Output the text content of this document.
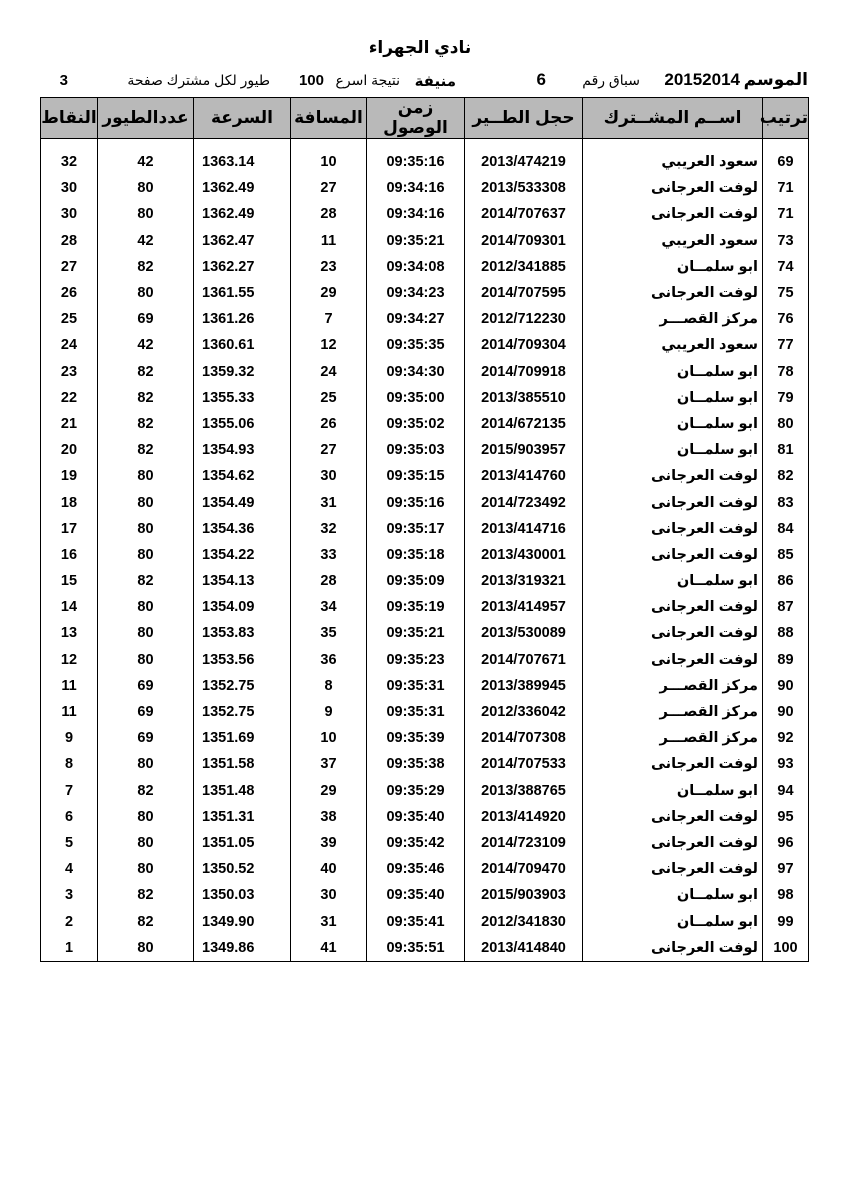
نادي الجهراء
الموسم
20152014
سباق رقم
6
منيفة
نتيجة اسرع
100
طيور لكل مشترك صفحة
3
ترتيب	اســم المشــترك	حجل الطــير	زمن الوصول	المسافة	السرعة	عددالطيور	النقاط

69	سعود العريبي	2013/474219	09:35:16	10	1363.14	42	32
71	لوفت العرجانى	2013/533308	09:34:16	27	1362.49	80	30
71	لوفت العرجانى	2014/707637	09:34:16	28	1362.49	80	30
73	سعود العريبي	2014/709301	09:35:21	11	1362.47	42	28
74	ابو سلمــان	2012/341885	09:34:08	23	1362.27	82	27
75	لوفت العرجانى	2014/707595	09:34:23	29	1361.55	80	26
76	مركز القصـــر	2012/712230	09:34:27	7	1361.26	69	25
77	سعود العريبي	2014/709304	09:35:35	12	1360.61	42	24
78	ابو سلمــان	2014/709918	09:34:30	24	1359.32	82	23
79	ابو سلمــان	2013/385510	09:35:00	25	1355.33	82	22
80	ابو سلمــان	2014/672135	09:35:02	26	1355.06	82	21
81	ابو سلمــان	2015/903957	09:35:03	27	1354.93	82	20
82	لوفت العرجانى	2013/414760	09:35:15	30	1354.62	80	19
83	لوفت العرجانى	2014/723492	09:35:16	31	1354.49	80	18
84	لوفت العرجانى	2013/414716	09:35:17	32	1354.36	80	17
85	لوفت العرجانى	2013/430001	09:35:18	33	1354.22	80	16
86	ابو سلمــان	2013/319321	09:35:09	28	1354.13	82	15
87	لوفت العرجانى	2013/414957	09:35:19	34	1354.09	80	14
88	لوفت العرجانى	2013/530089	09:35:21	35	1353.83	80	13
89	لوفت العرجانى	2014/707671	09:35:23	36	1353.56	80	12
90	مركز القصـــر	2013/389945	09:35:31	8	1352.75	69	11
90	مركز القصـــر	2012/336042	09:35:31	9	1352.75	69	11
92	مركز القصـــر	2014/707308	09:35:39	10	1351.69	69	9
93	لوفت العرجانى	2014/707533	09:35:38	37	1351.58	80	8
94	ابو سلمــان	2013/388765	09:35:29	29	1351.48	82	7
95	لوفت العرجانى	2013/414920	09:35:40	38	1351.31	80	6
96	لوفت العرجانى	2014/723109	09:35:42	39	1351.05	80	5
97	لوفت العرجانى	2014/709470	09:35:46	40	1350.52	80	4
98	ابو سلمــان	2015/903903	09:35:40	30	1350.03	82	3
99	ابو سلمــان	2012/341830	09:35:41	31	1349.90	82	2
100	لوفت العرجانى	2013/414840	09:35:51	41	1349.86	80	1
